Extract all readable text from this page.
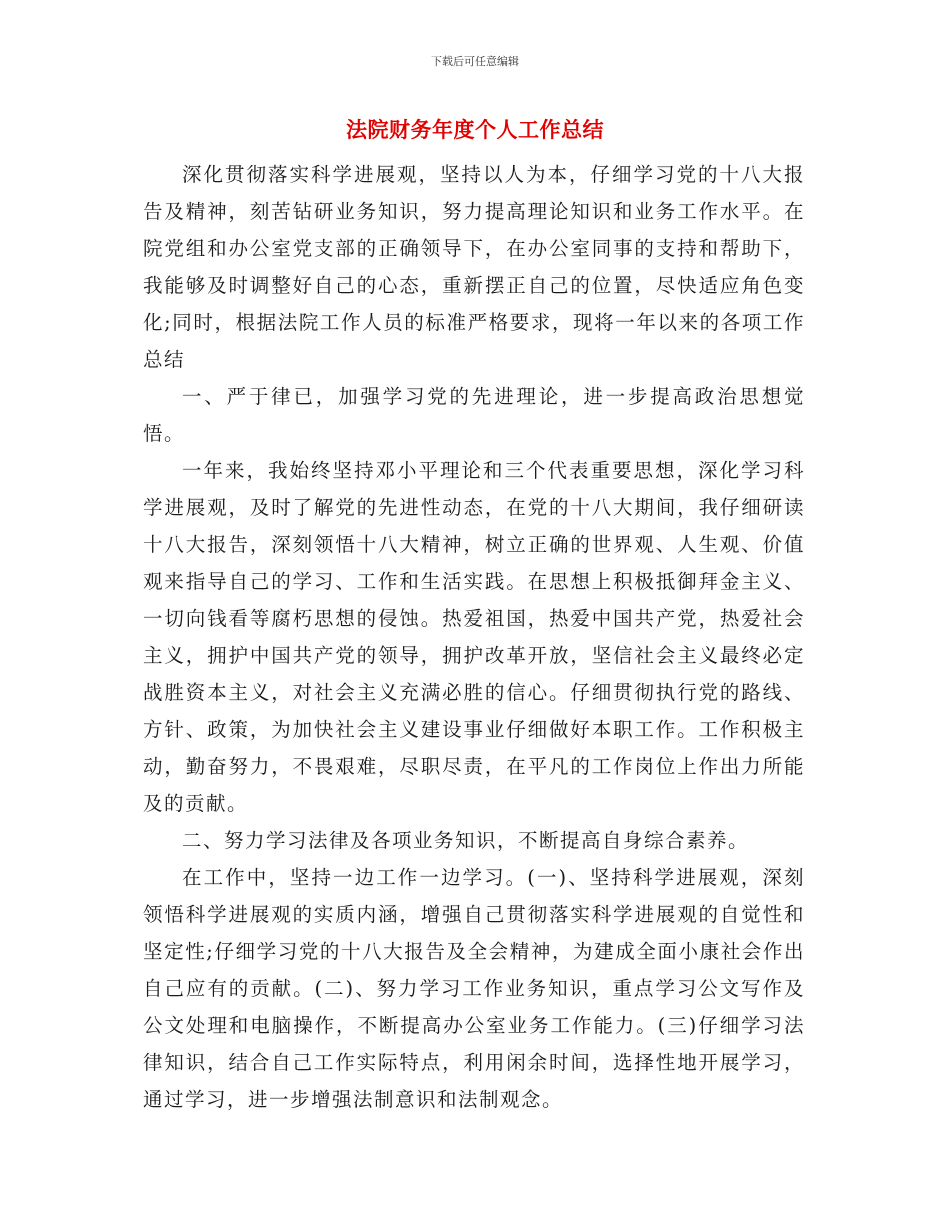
下载后可任意编辑
法院财务年度个人工作总结

深化贯彻落实科学进展观，坚持以人为本，仔细学习党的十八大报告及精神，刻苦钻研业务知识，努力提高理论知识和业务工作水平。在院党组和办公室党支部的正确领导下，在办公室同事的支持和帮助下，我能够及时调整好自己的心态，重新摆正自己的位置，尽快适应角色变化;同时，根据法院工作人员的标准严格要求，现将一年以来的各项工作总结

一、严于律已，加强学习党的先进理论，进一步提高政治思想觉悟。

一年来，我始终坚持邓小平理论和三个代表重要思想，深化学习科学进展观，及时了解党的先进性动态，在党的十八大期间，我仔细研读十八大报告，深刻领悟十八大精神，树立正确的世界观、人生观、价值观来指导自己的学习、工作和生活实践。在思想上积极抵御拜金主义、一切向钱看等腐朽思想的侵蚀。热爱祖国，热爱中国共产党，热爱社会主义，拥护中国共产党的领导，拥护改革开放，坚信社会主义最终必定战胜资本主义，对社会主义充满必胜的信心。仔细贯彻执行党的路线、方针、政策，为加快社会主义建设事业仔细做好本职工作。工作积极主动，勤奋努力，不畏艰难，尽职尽责，在平凡的工作岗位上作出力所能及的贡献。

二、努力学习法律及各项业务知识，不断提高自身综合素养。

在工作中，坚持一边工作一边学习。(一)、坚持科学进展观，深刻领悟科学进展观的实质内涵，增强自己贯彻落实科学进展观的自觉性和坚定性;仔细学习党的十八大报告及全会精神，为建成全面小康社会作出自己应有的贡献。(二)、努力学习工作业务知识，重点学习公文写作及公文处理和电脑操作，不断提高办公室业务工作能力。(三)仔细学习法律知识，结合自己工作实际特点，利用闲余时间，选择性地开展学习，通过学习，进一步增强法制意识和法制观念。
